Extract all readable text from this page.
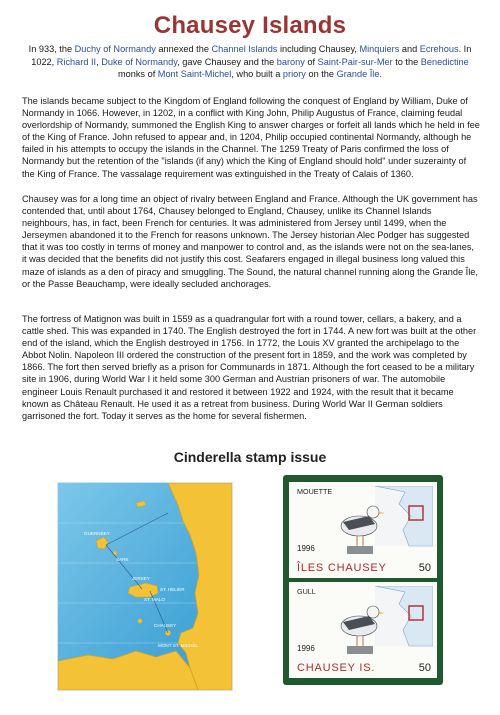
Chausey Islands

In 933, the Duchy of Normandy annexed the Channel Islands including Chausey, Minquiers and Ecrehous. In 1022, Richard II, Duke of Normandy, gave Chausey and the barony of Saint-Pair-sur-Mer to the Benedictine monks of Mont Saint-Michel, who built a priory on the Grande Île.

The islands became subject to the Kingdom of England following the conquest of England by William, Duke of Normandy in 1066. However, in 1202, in a conflict with King John, Philip Augustus of France, claiming feudal overlordship of Normandy, summoned the English King to answer charges or forfeit all lands which he held in fee of the King of France. John refused to appear and, in 1204, Philip occupied continental Normandy, although he failed in his attempts to occupy the islands in the Channel. The 1259 Treaty of Paris confirmed the loss of Normandy but the retention of the "islands (if any) which the King of England should hold" under suzerainty of the King of France. The vassalage requirement was extinguished in the Treaty of Calais of 1360.

Chausey was for a long time an object of rivalry between England and France. Although the UK government has contended that, until about 1764, Chausey belonged to England, Chausey, unlike its Channel Islands neighbours, has, in fact, been French for centuries. It was administered from Jersey until 1499, when the Jerseymen abandoned it to the French for reasons unknown. The Jersey historian Alec Podger has suggested that it was too costly in terms of money and manpower to control and, as the islands were not on the sea-lanes, it was decided that the benefits did not justify this cost. Seafarers engaged in illegal business long valued this maze of islands as a den of piracy and smuggling. The Sound, the natural channel running along the Grande Île, or the Passe Beauchamp, were ideally secluded anchorages.

The fortress of Matignon was built in 1559 as a quadrangular fort with a round tower, cellars, a bakery, and a cattle shed. This was expanded in 1740. The English destroyed the fort in 1744. A new fort was built at the other end of the island, which the English destroyed in 1756. In 1772, the Louis XV granted the archipelago to the Abbot Nolin. Napoleon III ordered the construction of the present fort in 1859, and the work was completed by 1866. The fort then served briefly as a prison for Communards in 1871. Although the fort ceased to be a military site in 1906, during World War I it held some 300 German and Austrian prisoners of war. The automobile engineer Louis Renault purchased it and restored it between 1922 and 1924, with the result that it became known as Château Renault. He used it as a retreat from business. During World War II German soldiers garrisoned the fort. Today it serves as the home for several fishermen.

Cinderella stamp issue
GUERNSEY
SARK
JERSEY
CHAUSEY
ST. MALO
ST. HELIER
MONT ST. MICHEL
MOUETTE
1996
ÎLES CHAUSEY	50
GULL
1996
CHAUSEY IS.	50
